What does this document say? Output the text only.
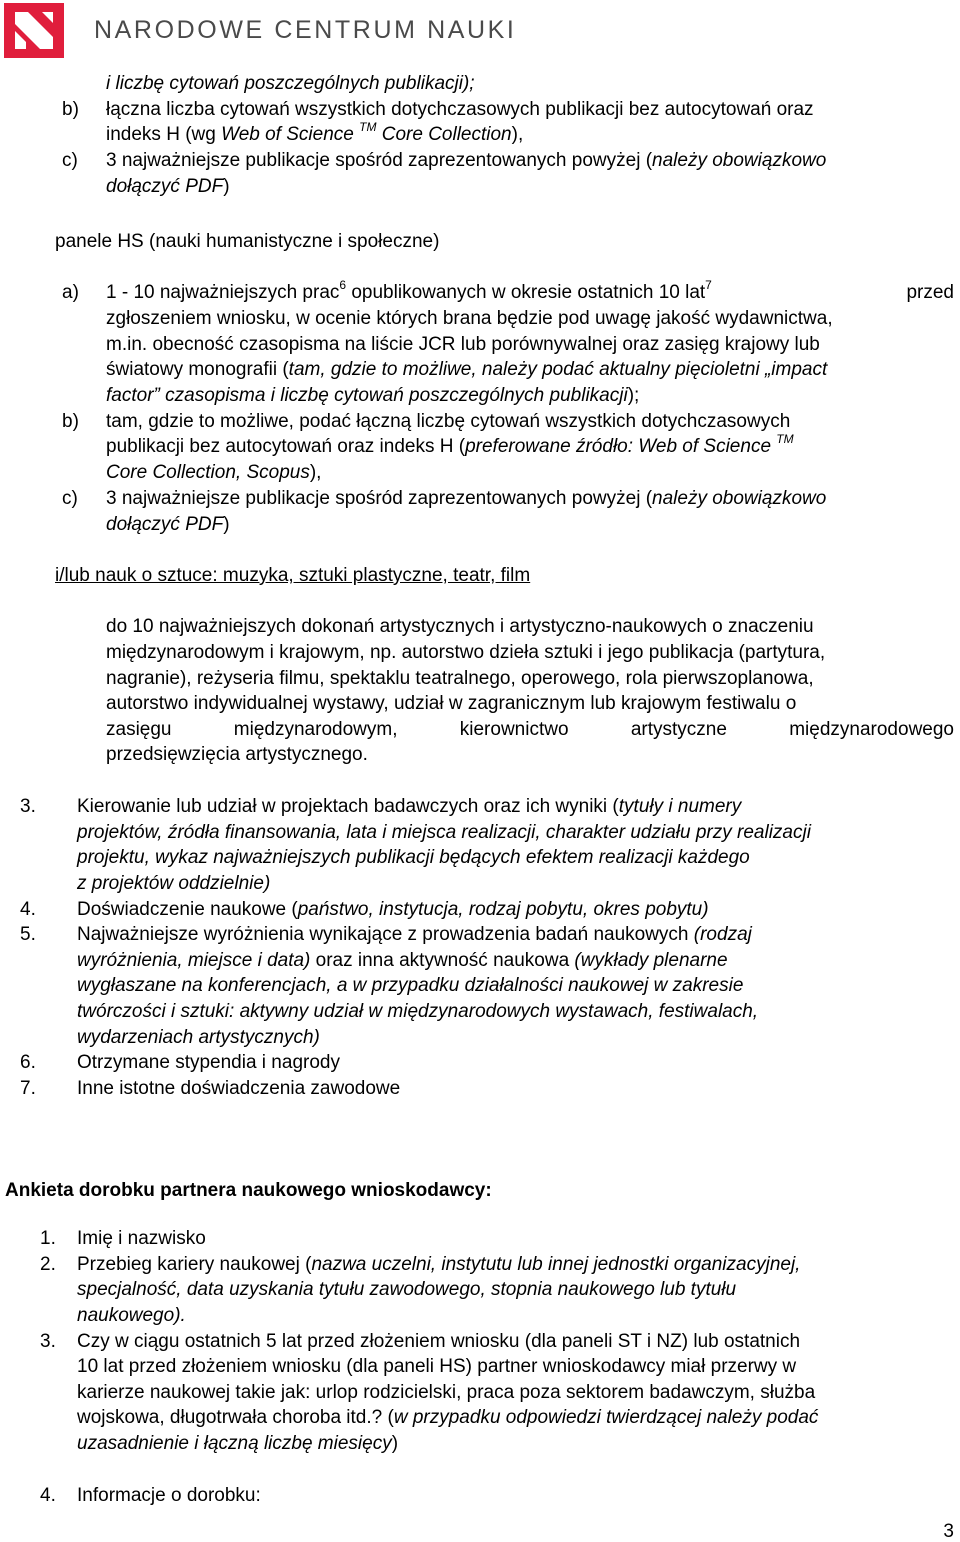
NARODOWE CENTRUM NAUKI
i liczbę cytowań poszczególnych publikacji);
b) łączna liczba cytowań wszystkich dotychczasowych publikacji bez autocytowań oraz
indeks H (wg Web of Science ™ Core Collection),
c) 3 najważniejsze publikacje spośród zaprezentowanych powyżej (należy obowiązkowo
dołączyć PDF)
panele HS (nauki humanistyczne i społeczne)
a) 1 - 10 najważniejszych prac$^6$ opublikowanych w okresie ostatnich 10 lat$^7$	przed
zgłoszeniem wniosku, w ocenie których brana będzie pod uwagę jakość wydawnictwa,
m.in. obecność czasopisma na liście JCR lub porównywalnej oraz zasięg krajowy lub
światowy monografii (tam, gdzie to możliwe, należy podać aktualny pięcioletni „impact
factor” czasopisma i liczbę cytowań poszczególnych publikacji);
b) tam, gdzie to możliwe, podać łączną liczbę cytowań wszystkich dotychczasowych
publikacji bez autocytowań oraz indeks H (preferowane źródło: Web of Science ™
Core Collection, Scopus),
c) 3 najważniejsze publikacje spośród zaprezentowanych powyżej (należy obowiązkowo
dołączyć PDF)
i/lub nauk o sztuce: muzyka, sztuki plastyczne, teatr, film
do 10 najważniejszych dokonań artystycznych i artystyczno-naukowych o znaczeniu
międzynarodowym i krajowym, np. autorstwo dzieła sztuki i jego publikacja (partytura,
nagranie), reżyseria filmu, spektaklu teatralnego, operowego, rola pierwszoplanowa,
autorstwo indywidualnej wystawy, udział w zagranicznym lub krajowym festiwalu o
zasięgu	międzynarodowym,	kierownictwo	artystyczne	międzynarodowego
przedsięwzięcia artystycznego.
3. Kierowanie lub udział w projektach badawczych oraz ich wyniki (tytuły i numery
projektów, źródła finansowania, lata i miejsca realizacji, charakter udziału przy realizacji
projektu, wykaz najważniejszych publikacji będących efektem realizacji każdego
z projektów oddzielnie)
4. Doświadczenie naukowe (państwo, instytucja, rodzaj pobytu, okres pobytu)
5. Najważniejsze wyróżnienia wynikające z prowadzenia badań naukowych (rodzaj
wyróżnienia, miejsce i data) oraz inna aktywność naukowa (wykłady plenarne
wygłaszane na konferencjach, a w przypadku działalności naukowej w zakresie
twórczości i sztuki: aktywny udział w międzynarodowych wystawach, festiwalach,
wydarzeniach artystycznych)
6. Otrzymane stypendia i nagrody
7. Inne istotne doświadczenia zawodowe
Ankieta dorobku partnera naukowego wnioskodawcy:
1. Imię i nazwisko
2. Przebieg kariery naukowej (nazwa uczelni, instytutu lub innej jednostki organizacyjnej,
specjalność, data uzyskania tytułu zawodowego, stopnia naukowego lub tytułu
naukowego).
3. Czy w ciągu ostatnich 5 lat przed złożeniem wniosku (dla paneli ST i NZ) lub ostatnich
10 lat przed złożeniem wniosku (dla paneli HS) partner wnioskodawcy miał przerwy w
karierze naukowej takie jak: urlop rodzicielski, praca poza sektorem badawczym, służba
wojskowa, długotrwała choroba itd.? (w przypadku odpowiedzi twierdzącej należy podać
uzasadnienie i łączną liczbę miesięcy)
4. Informacje o dorobku:
3
